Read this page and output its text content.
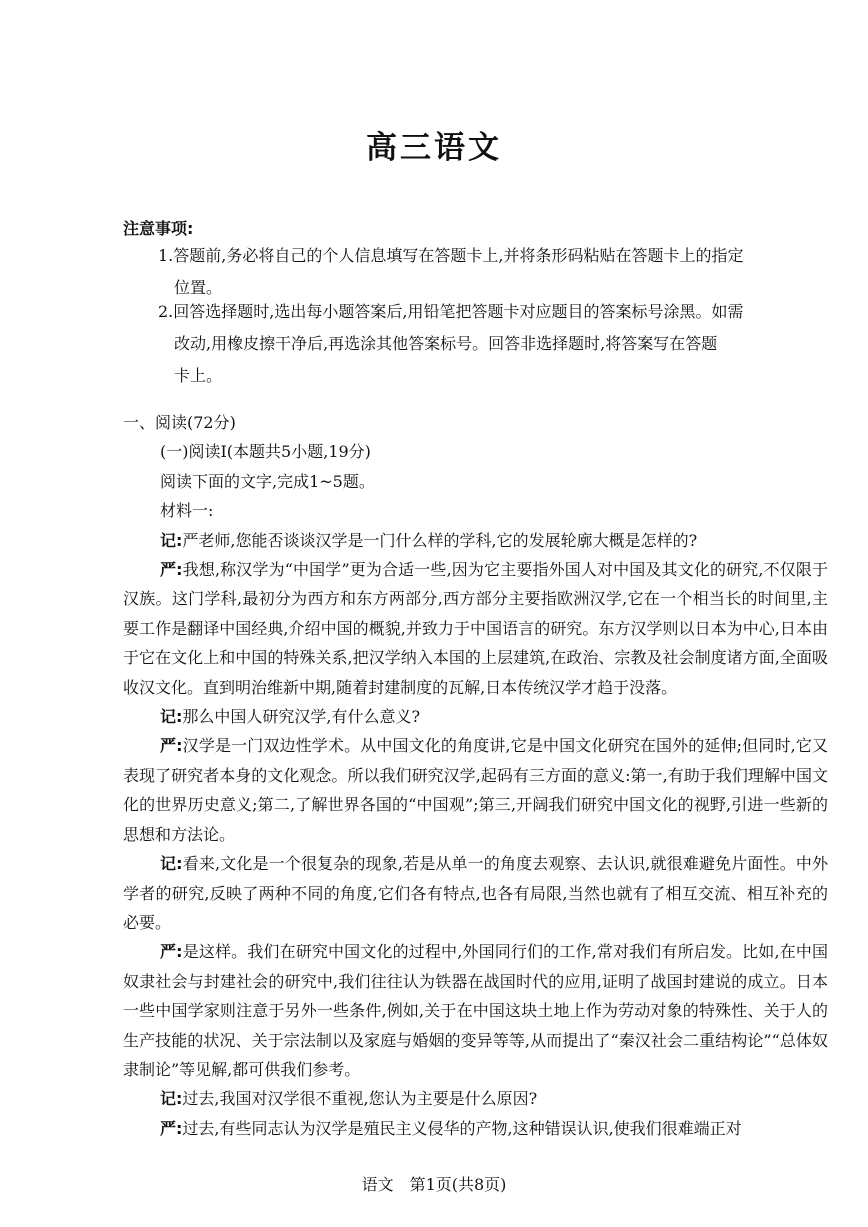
高三语文
注意事项:
1.答题前,务必将自己的个人信息填写在答题卡上,并将条形码粘贴在答题卡上的指定
位置。
2.回答选择题时,选出每小题答案后,用铅笔把答题卡对应题目的答案标号涂黑。如需
改动,用橡皮擦干净后,再选涂其他答案标号。回答非选择题时,将答案写在答题
卡上。

一、阅读(72分)

(一)阅读Ⅰ(本题共5小题,19分)

阅读下面的文字,完成1~5题。

材料一:

记:严老师,您能否谈谈汉学是一门什么样的学科,它的发展轮廓大概是怎样的?

严:我想,称汉学为“中国学”更为合适一些,因为它主要指外国人对中国及其文化的研究,不仅限于汉族。这门学科,最初分为西方和东方两部分,西方部分主要指欧洲汉学,它在一个相当长的时间里,主要工作是翻译中国经典,介绍中国的概貌,并致力于中国语言的研究。东方汉学则以日本为中心,日本由于它在文化上和中国的特殊关系,把汉学纳入本国的上层建筑,在政治、宗教及社会制度诸方面,全面吸收汉文化。直到明治维新中期,随着封建制度的瓦解,日本传统汉学才趋于没落。

记:那么中国人研究汉学,有什么意义?

严:汉学是一门双边性学术。从中国文化的角度讲,它是中国文化研究在国外的延伸;但同时,它又表现了研究者本身的文化观念。所以我们研究汉学,起码有三方面的意义:第一,有助于我们理解中国文化的世界历史意义;第二,了解世界各国的“中国观”;第三,开阔我们研究中国文化的视野,引进一些新的思想和方法论。

记:看来,文化是一个很复杂的现象,若是从单一的角度去观察、去认识,就很难避免片面性。中外学者的研究,反映了两种不同的角度,它们各有特点,也各有局限,当然也就有了相互交流、相互补充的必要。

严:是这样。我们在研究中国文化的过程中,外国同行们的工作,常对我们有所启发。比如,在中国奴隶社会与封建社会的研究中,我们往往认为铁器在战国时代的应用,证明了战国封建说的成立。日本一些中国学家则注意于另外一些条件,例如,关于在中国这块土地上作为劳动对象的特殊性、关于人的生产技能的状况、关于宗法制以及家庭与婚姻的变异等等,从而提出了“秦汉社会二重结构论”“总体奴隶制论”等见解,都可供我们参考。

记:过去,我国对汉学很不重视,您认为主要是什么原因?

严:过去,有些同志认为汉学是殖民主义侵华的产物,这种错误认识,使我们很难端正对

语文　第1页(共8页)
